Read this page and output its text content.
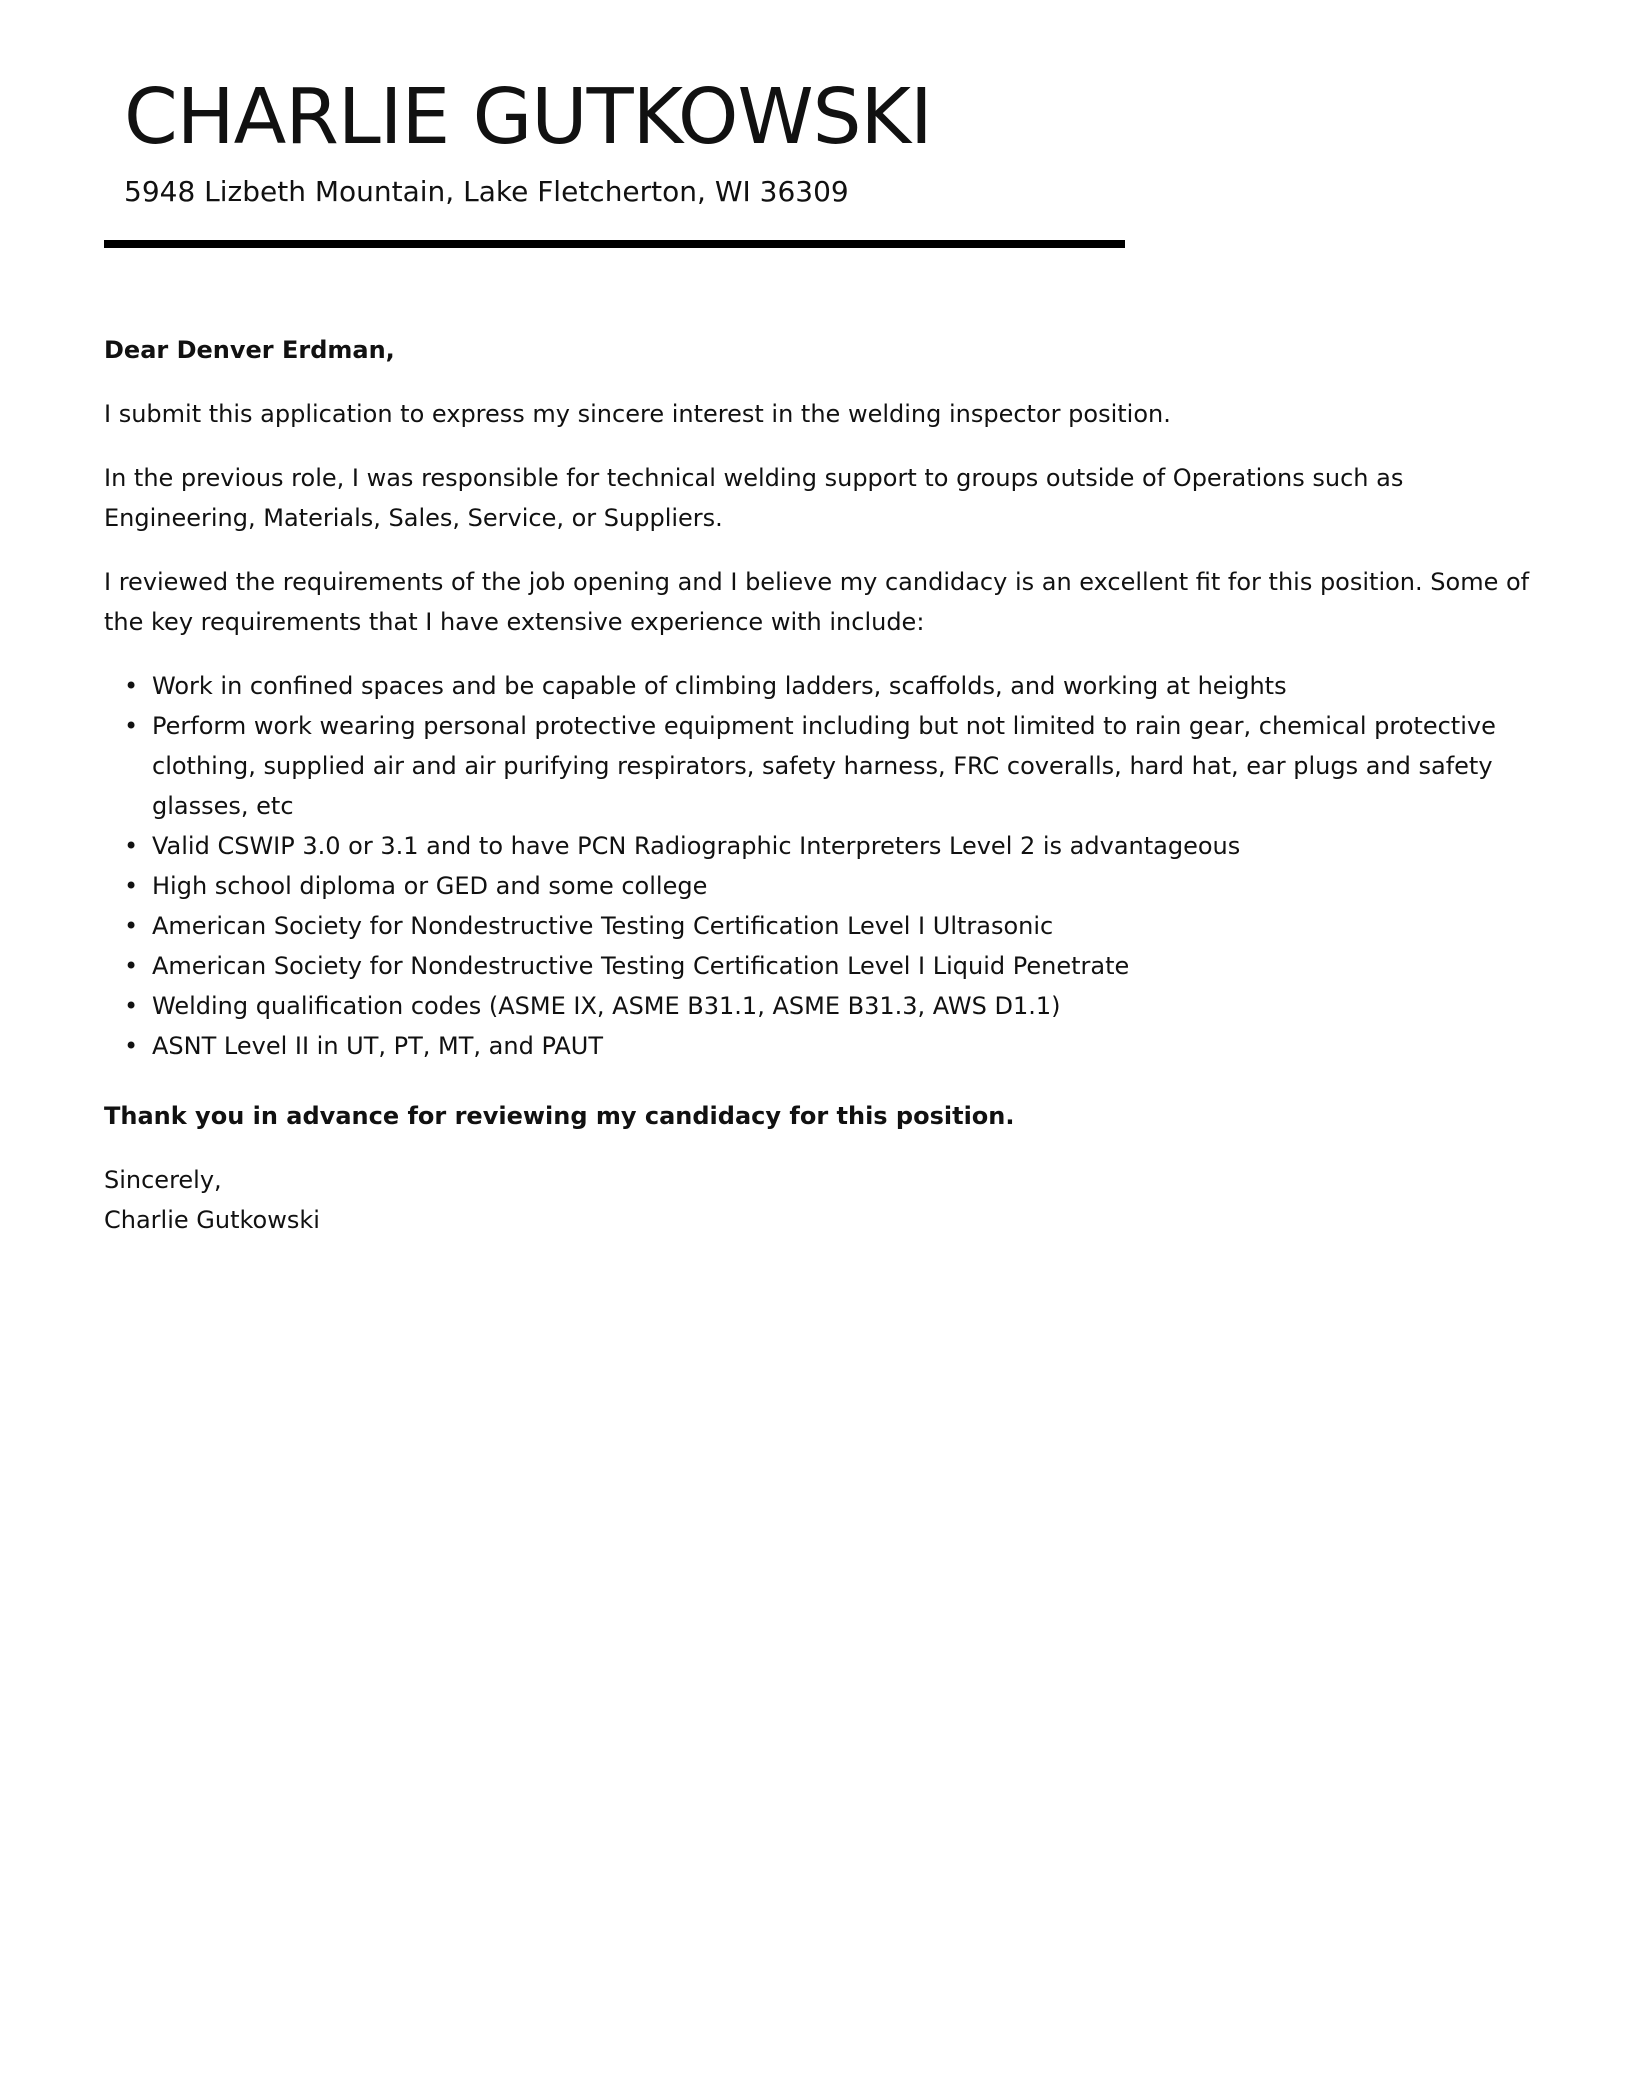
CHARLIE GUTKOWSKI
5948 Lizbeth Mountain, Lake Fletcherton, WI 36309

Dear Denver Erdman,

I submit this application to express my sincere interest in the welding inspector position.

In the previous role, I was responsible for technical welding support to groups outside of Operations such as Engineering, Materials, Sales, Service, or Suppliers.

I reviewed the requirements of the job opening and I believe my candidacy is an excellent fit for this position. Some of the key requirements that I have extensive experience with include:

• Work in confined spaces and be capable of climbing ladders, scaffolds, and working at heights
• Perform work wearing personal protective equipment including but not limited to rain gear, chemical protective clothing, supplied air and air purifying respirators, safety harness, FRC coveralls, hard hat, ear plugs and safety glasses, etc
• Valid CSWIP 3.0 or 3.1 and to have PCN Radiographic Interpreters Level 2 is advantageous
• High school diploma or GED and some college
• American Society for Nondestructive Testing Certification Level I Ultrasonic
• American Society for Nondestructive Testing Certification Level I Liquid Penetrate
• Welding qualification codes (ASME IX, ASME B31.1, ASME B31.3, AWS D1.1)
• ASNT Level II in UT, PT, MT, and PAUT

Thank you in advance for reviewing my candidacy for this position.

Sincerely,
Charlie Gutkowski
